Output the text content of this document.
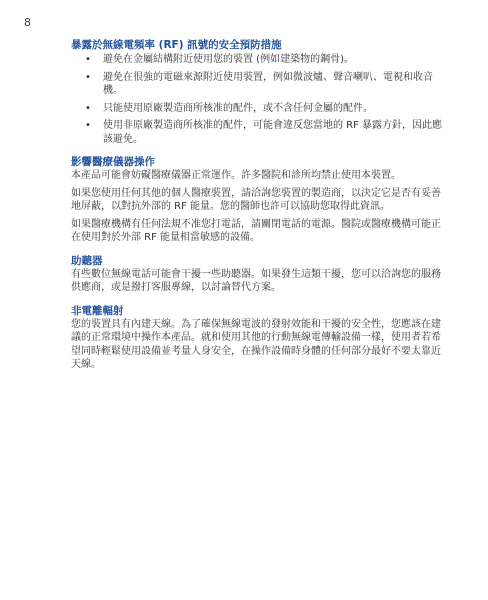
8
暴露於無線電頻率 (RF) 訊號的安全預防措施
• 避免在金屬結構附近使用您的裝置 (例如建築物的鋼骨)。
• 避免在很強的電磁來源附近使用裝置，例如微波爐、聲音喇叭、電視和收音機。
• 只能使用原廠製造商所核准的配件，或不含任何金屬的配件。
• 使用非原廠製造商所核准的配件，可能會違反您當地的 RF 暴露方針，因此應該避免。
影響醫療儀器操作

本產品可能會妨礙醫療儀器正常運作。許多醫院和診所均禁止使用本裝置。

如果您使用任何其他的個人醫療裝置，請洽詢您裝置的製造商，以決定它是否有妥善地屏蔽，以對抗外部的 RF 能量。您的醫師也許可以協助您取得此資訊。

如果醫療機構有任何法規不准您打電話，請關閉電話的電源。醫院或醫療機構可能正在使用對於外部 RF 能量相當敏感的設備。

助聽器

有些數位無線電話可能會干擾一些助聽器。如果發生這類干擾，您可以洽詢您的服務供應商，或是撥打客服專線，以討論替代方案。

非電離輻射

您的裝置具有內建天線。為了確保無線電波的發射效能和干擾的安全性，您應該在建議的正常環境中操作本產品。就和使用其他的行動無線電傳輸設備一樣，使用者若希望同時輕鬆使用設備並考量人身安全，在操作設備時身體的任何部分最好不要太靠近天線。
